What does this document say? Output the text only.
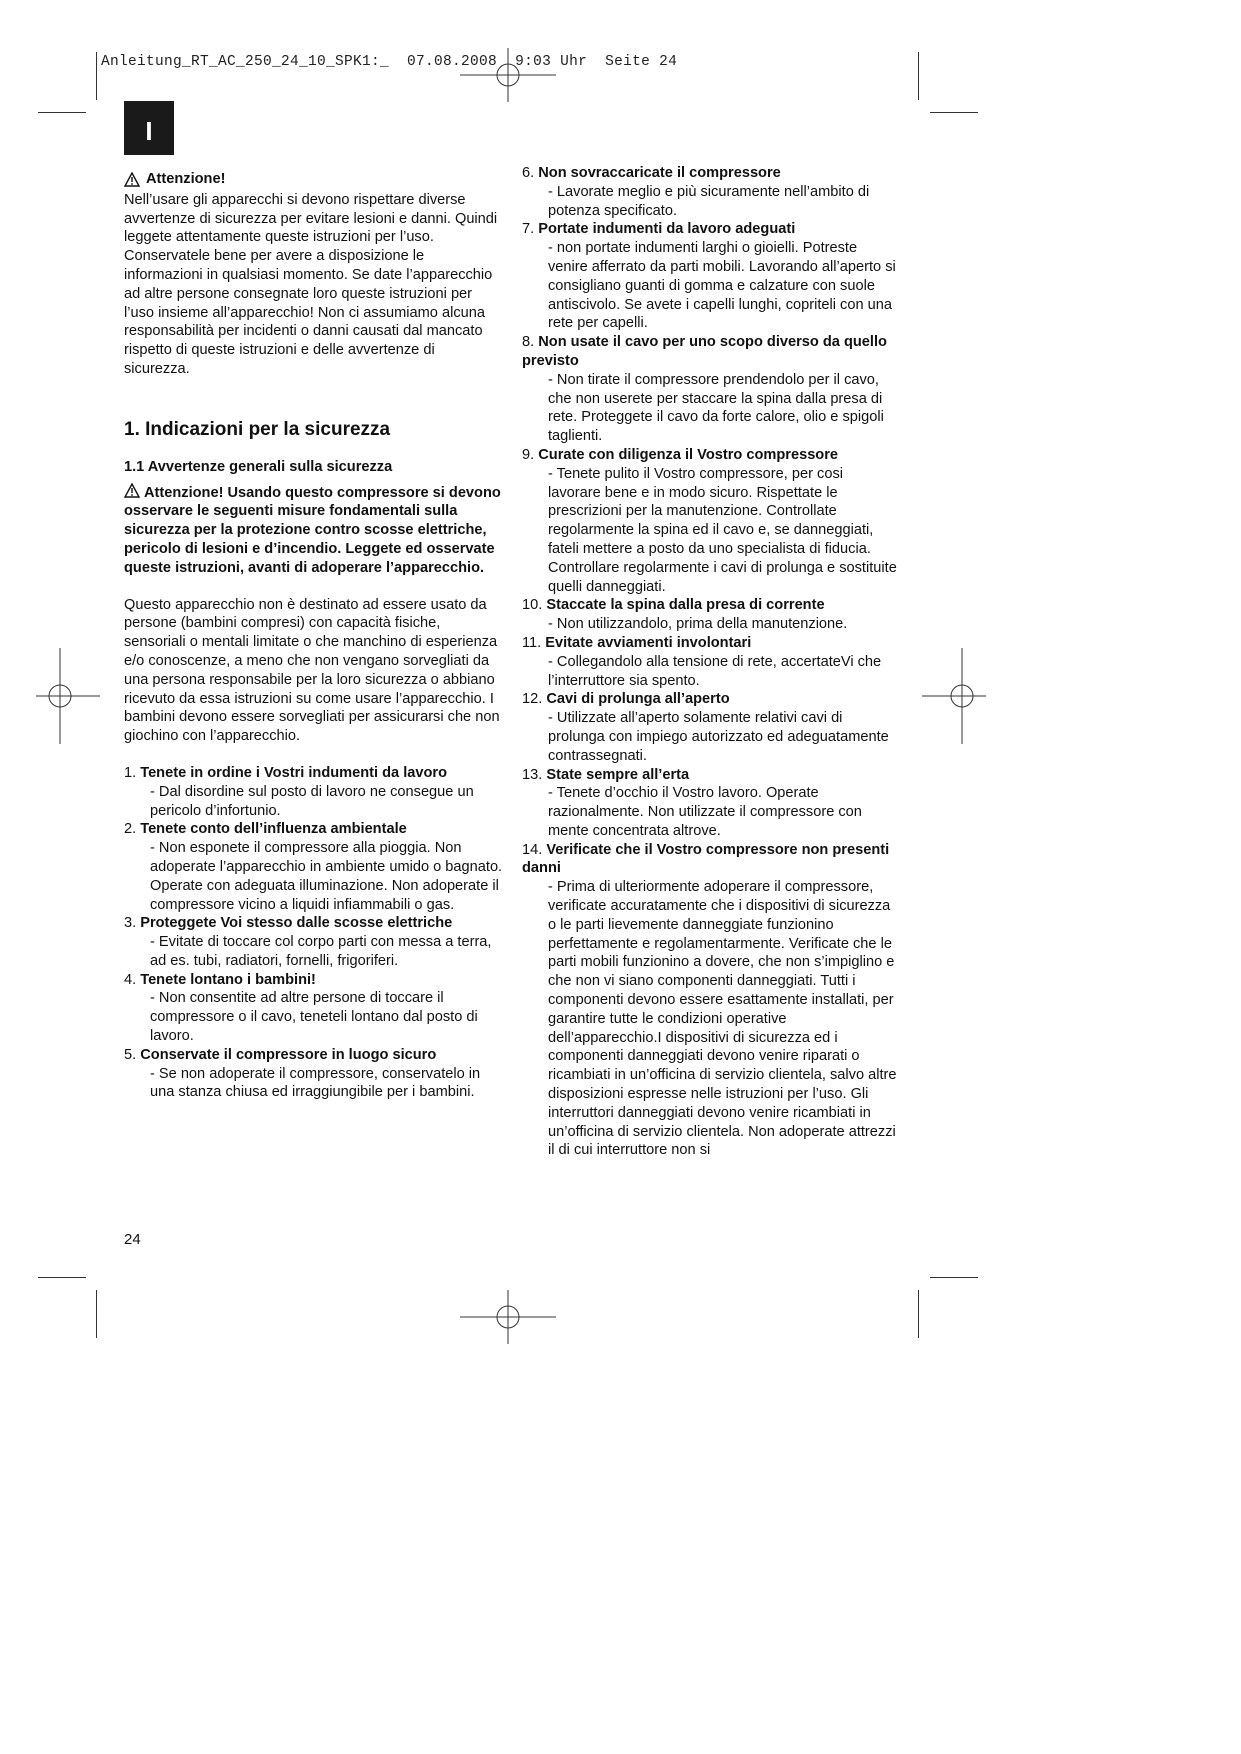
Anleitung_RT_AC_250_24_10_SPK1:_  07.08.2008  9:03 Uhr  Seite 24
I
Attenzione!

Nell’usare gli apparecchi si devono rispettare diverse avvertenze di sicurezza per evitare lesioni e danni. Quindi leggete attentamente queste istruzioni per l’uso. Conservatele bene per avere a disposizione le informazioni in qualsiasi momento. Se date l’apparecchio ad altre persone consegnate loro queste istruzioni per l’uso insieme all’apparecchio! Non ci assumiamo alcuna responsabilità per incidenti o danni causati dal mancato rispetto di queste istruzioni e delle avvertenze di sicurezza.

1. Indicazioni per la sicurezza
1.1 Avvertenze generali sulla sicurezza

Attenzione! Usando questo compressore si devono osservare le seguenti misure fondamentali sulla sicurezza per la protezione contro scosse elettriche, pericolo di lesioni e d’incendio. Leggete ed osservate queste istruzioni, avanti di adoperare l’apparecchio.

Questo apparecchio non è destinato ad essere usato da persone (bambini compresi) con capacità fisiche, sensoriali o mentali limitate o che manchino di esperienza e/o conoscenze, a meno che non vengano sorvegliati da una persona responsabile per la loro sicurezza o abbiano ricevuto da essa istruzioni su come usare l’apparecchio. I bambini devono essere sorvegliati per assicurarsi che non giochino con l’apparecchio.

1. Tenete in ordine i Vostri indumenti da lavoro
- Dal disordine sul posto di lavoro ne consegue un pericolo d’infortunio.
2. Tenete conto dell’influenza ambientale
- Non esponete il compressore alla pioggia. Non adoperate l’apparecchio in ambiente umido o bagnato. Operate con adeguata illuminazione. Non adoperate il compressore vicino a liquidi infiammabili o gas.
3. Proteggete Voi stesso dalle scosse elettriche
- Evitate di toccare col corpo parti con messa a terra, ad es. tubi, radiatori, fornelli, frigoriferi.
4. Tenete lontano i bambini!
- Non consentite ad altre persone di toccare il compressore o il cavo, teneteli lontano dal posto di lavoro.
5. Conservate il compressore in luogo sicuro
- Se non adoperate il compressore, conservatelo in una stanza chiusa ed irraggiungibile per i bambini.
6. Non sovraccaricate il compressore
- Lavorate meglio e più sicuramente nell’ambito di potenza specificato.
7. Portate indumenti da lavoro adeguati
- non portate indumenti larghi o gioielli. Potreste venire afferrato da parti mobili. Lavorando all’aperto si consigliano guanti di gomma e calzature con suole antiscivolo. Se avete i capelli lunghi, copriteli con una rete per capelli.
8. Non usate il cavo per uno scopo diverso da quello previsto
- Non tirate il compressore prendendolo per il cavo, che non userete per staccare la spina dalla presa di rete. Proteggete il cavo da forte calore, olio e spigoli taglienti.
9. Curate con diligenza il Vostro compressore
- Tenete pulito il Vostro compressore, per cosi lavorare bene e in modo sicuro. Rispettate le prescrizioni per la manutenzione. Controllate regolarmente la spina ed il cavo e, se danneggiati, fateli mettere a posto da uno specialista di fiducia. Controllare regolarmente i cavi di prolunga e sostituite quelli danneggiati.
10. Staccate la spina dalla presa di corrente
- Non utilizzandolo, prima della manutenzione.
11. Evitate avviamenti involontari
- Collegandolo alla tensione di rete, accertateVi che l’interruttore sia spento.
12. Cavi di prolunga all’aperto
- Utilizzate all’aperto solamente relativi cavi di prolunga con impiego autorizzato ed adeguatamente contrassegnati.
13. State sempre all’erta
- Tenete d’occhio il Vostro lavoro. Operate razionalmente. Non utilizzate il compressore con mente concentrata altrove.
14. Verificate che il Vostro compressore non presenti danni
- Prima di ulteriormente adoperare il compressore, verificate accuratamente che i dispositivi di sicurezza o le parti lievemente danneggiate funzionino perfettamente e regolamentarmente. Verificate che le parti mobili funzionino a dovere, che non s’impiglino e che non vi siano componenti danneggiati. Tutti i componenti devono essere esattamente installati, per garantire tutte le condizioni operative dell’apparecchio.I dispositivi di sicurezza ed i componenti danneggiati devono venire riparati o ricambiati in un’officina di servizio clientela, salvo altre disposizioni espresse nelle istruzioni per l’uso. Gli interruttori danneggiati devono venire ricambiati in un’officina di servizio clientela. Non adoperate attrezzi il di cui interruttore non si
24
